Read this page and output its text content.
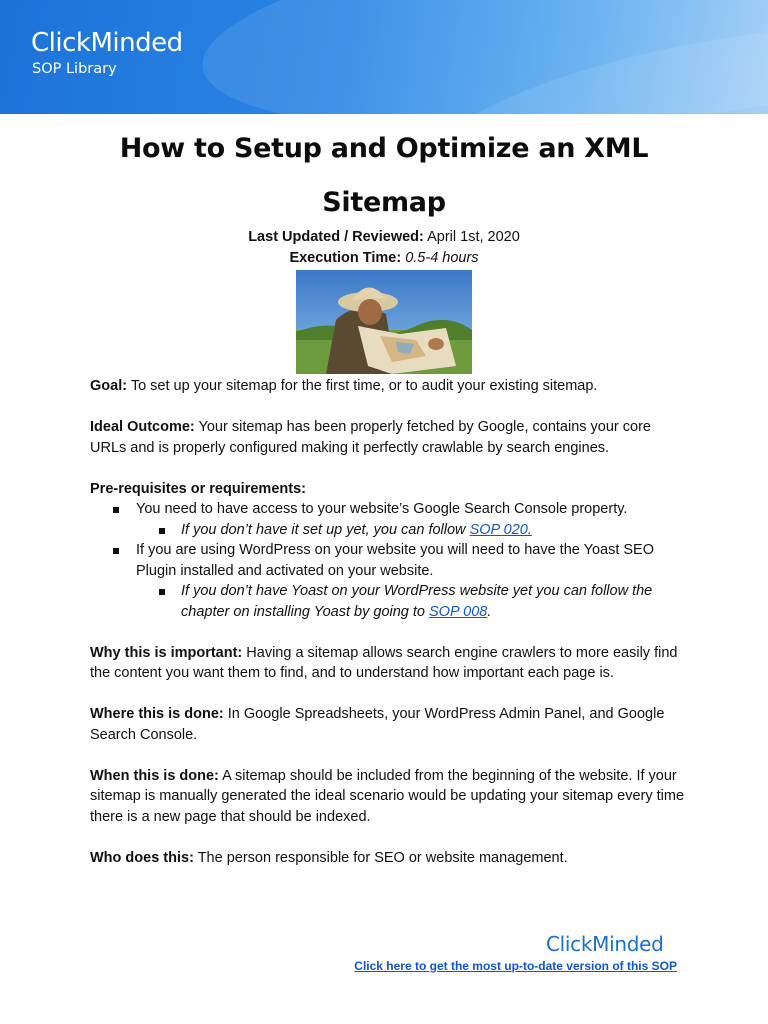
ClickMinded
SOP Library
How to Setup and Optimize an XML Sitemap
Last Updated / Reviewed: April 1st, 2020
Execution Time: 0.5-4 hours

Goal: To set up your sitemap for the first time, or to audit your existing sitemap.

Ideal Outcome: Your sitemap has been properly fetched by Google, contains your core URLs and is properly configured making it perfectly crawlable by search engines.

Pre-requisites or requirements:

You need to have access to your website’s Google Search Console property.
If you don’t have it set up yet, you can follow SOP 020.
If you are using WordPress on your website you will need to have the Yoast SEO Plugin installed and activated on your website.
If you don’t have Yoast on your WordPress website yet you can follow the chapter on installing Yoast by going to SOP 008.

Why this is important: Having a sitemap allows search engine crawlers to more easily find the content you want them to find, and to understand how important each page is.

Where this is done: In Google Spreadsheets, your WordPress Admin Panel, and Google Search Console.

When this is done: A sitemap should be included from the beginning of the website. If your sitemap is manually generated the ideal scenario would be updating your sitemap every time there is a new page that should be indexed.

Who does this: The person responsible for SEO or website management.

ClickMinded
Click here to get the most up-to-date version of this SOP
